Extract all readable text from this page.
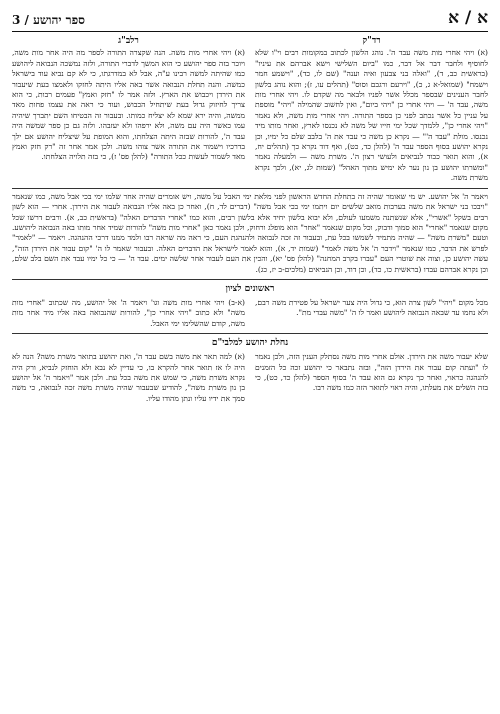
א / א
ספר יהושע / 3
רד"ק

(א) ויהי אחרי מות משה עבד ה'. נוהג הלשון לכתוב במקומות רבים וי"ו שלא לחוסיף ולחבר דבר אל דבר, כמו "ביום השלישי וישא אברהם את עיניו" (בראשית כב, ד), "ואלה בני צבעון ואיה וענה" (שם לו, כד), "וישמע חמר וישמח" (שמואל-א ג, כ), "וירעם ורגבם וסוס" (תהלים עו, ז); והוא נוהג בלשון לחבר הענינים שבספר מכלל אשר לפניו ולבאר מה שקדם לו. ויהי אחרי מות משה, עבד ה' — ויהי אחרי כן "ויהי ביום", ואין לחשוב שהמילה "ויהי" מוספת על עניין כל אשר נכתב לפני כן בספר התורה. ויהי אחרי מות משה, ולא נאמר "ויהי אחרי כן", ללמדך שכל ימי חייו של משה לא נכנסו לארץ, ואחר מותו מיד נכנסו. מולת "עבד ה'" — נקרא כן משה כי עבד את ה' בלבב שלם כל ימיו, וכן נקרא יהושע בסוף הספר עבד ה' (להלן כד, כט), ואף דוד נקרא כך (תהלים יח, א), והוא תואר כבוד לנביאים ולעושי רצון ה'. משרת משה — ולמעלה נאמר "ומשרתו יהושע בן נון נער לא ימיש מתוך האהל" (שמות לג, יא), ולכך נקרא משרת משה.

רלב"ג

(א) ויהי אחרי מות משה. הנה שקצרה התורה לספר מה היה אחר מות משה, ויוכר בזה ספר יהושע כי הוא המשך לדברי התורה, ולזה נמשכה הנבואה ליהושע כמו שהיתה למשה רבינו ע"ה, אבל לא במדרגתו, כי לא קם נביא עוד בישראל כמשה. והנה תחלת הנבואה אשר באה אליו היתה לחזקו ולאמצו בעת שיעבור את הירדן ויכבוש את הארץ. ולזה אמר לו "חזק ואמץ" פעמים רבות, כי הוא צריך לחיזוק גדול בעת שיתחיל הכבוש, ועוד כי ראה את עצמו פחות מאד ממשה, והיה ירא שמא לא יצליח כמותו. ובעבור זה הבטיחו השם יתברך שיהיה עמו כאשר היה עם משה, ולא ירפהו ולא יעזבהו. ולזה גם כן ספר שמשה היה עבד ה', להורות שבזה היתה הצלחתו, והוא המופת על שיצליח יהושע אם ילך בדרכיו וישמור את התורה אשר צוהו משה. ולכן אמר אחר זה "רק חזק ואמץ מאד לשמור לעשות ככל התורה" (להלן פס' ז), כי בזה תלויה הצלחתו.

ויאמר ה' אל יהושע. יש מי שאומר שהיה זה בתחלת החדש הראשון לפני מלאת ימי האבל על משה, ויש אומרים שהיה אחר שלמו ימי בכי אבל משה, כמו שנאמר "ויבכו בני ישראל את משה בערבות מואב שלשים יום ויתמו ימי בכי אבל משה" (דברים לד, ח), ואחר כן באה אליו הנבואה לעבור את הירדן. אחרי — הוא לשון רבים בשקל "אשרי", אלא שנשתנה משמעו לעולם, ולא יבוא בלשון יחיד אלא בלשון רבים, והוא כמו "אחרי הדברים האלה" (בראשית כב, א). ורבים דרשו שכל מקום שנאמר "אחרי" הוא סמוך ודבוק, וכל מקום שנאמר "אחר" הוא מופלג ורחוק, ולכן נאמר כאן "אחרי מות משה" להורות שמיד אחר מותו באה הנבואה ליהושע. וטעם "משרת משה" — שהיה מתמיד לשמשו בכל עת, ובעבור זה זכה לנבואה ולהנהגת העם, כי ראה מה שראה רבו ולמד ממנו דרכי ההנהגה. ויאמר — "לאמר" לפרש את הדבר, כמו שנאמר "וידבר ה' אל משה לאמר" (שמות יד, א), והוא לאמר לישראל את הדברים האלה. ובעבור שאמר לו ה' "קום עבור את הירדן הזה", עשה יהושע כן, וצוה את שוטרי העם "עברו בקרב המחנה" (להלן פס' יא), והכין את העם לעבור אחר שלשה ימים. עבד ה' — כי כל ימיו עבד את השם בלב שלם, וכן נקרא אברהם עבדו (בראשית כו, כד), וכן דוד, וכן הנביאים (מלכים-ב יז, כג).

ראשונים לציון

מכל מקום "ויהי" לשון צרה הוא, כי גדול היה צער ישראל על פטירת משה רבם, ולא נחמו עד שבאה הנבואה ליהושע ואמר לו ה' "משה עבדי מת".

(א-ב) ויהי אחרי מות משה וגו' ויאמר ה' אל יהושע, מה שכתוב "אחרי מות משה" ולא כתוב "ויהי אחרי כן", להורות שהנבואה באה אליו מיד אחר מות משה, קודם שהשלימו ימי האבל.

נחלת יהושע למלבי"ם

שלא יעבור משה את הירדן. אולם אחרי מות משה נסתלק הענין הזה, ולכן נאמר לו "ועתה קום עבור את הירדן הזה", ובזה נתבאר כי יהושע זכה כל הזמנים להנהגה כראוי, ואחר כך נקרא גם הוא עבד ה' בסוף הספר (להלן כד, כט), כי בזה השלים את מעלתו, והיה ראוי לתואר הזה כמו משה רבו.

(א) למה תאר את משה בשם עבד ה', ואת יהושע בתואר משרת משה? הנה לא היה לו אז תואר אחר להקרא בו, כי עדיין לא נבא ולא הוחזק לנביא, ורק היה נקרא משרת משה, כי שמש את משה בכל עת. ולכן אמר "ויאמר ה' אל יהושע בן נון משרת משה", להודיע שבעבור שהיה משרת משה זכה לנבואה, כי משה סמך את ידיו עליו ונתן מהודו עליו.
